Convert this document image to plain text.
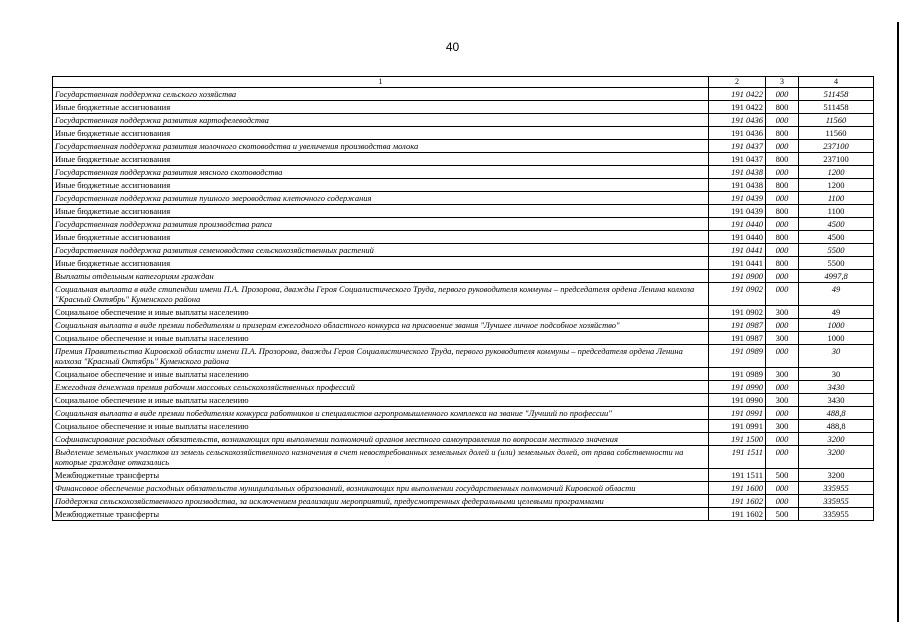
40
1	2	3	4
Государственная поддержка сельского хозяйства	191 0422	000	511458
Иные бюджетные ассигнования	191 0422	800	511458
Государственная поддержка развития картофелеводства	191 0436	000	11560
Иные бюджетные ассигнования	191 0436	800	11560
Государственная поддержка развития молочного скотоводства и увеличения производства молока	191 0437	000	237100
Иные бюджетные ассигнования	191 0437	800	237100
Государственная поддержка развития мясного скотоводства	191 0438	000	1200
Иные бюджетные ассигнования	191 0438	800	1200
Государственная поддержка развития пушного звероводства клеточного содержания	191 0439	000	1100
Иные бюджетные ассигнования	191 0439	800	1100
Государственная поддержка развития производства рапса	191 0440	000	4500
Иные бюджетные ассигнования	191 0440	800	4500
Государственная поддержка развития семеноводства сельскохозяйственных растений	191 0441	000	5500
Иные бюджетные ассигнования	191 0441	800	5500
Выплаты отдельным категориям граждан	191 0900	000	4997,8
Социальная выплата в виде стипендии имени П.А. Прозорова, дважды Героя Социалистического Труда, первого руководителя коммуны – председателя ордена Ленина колхоза "Красный Октябрь" Куменского района	191 0902	000	49
Социальное обеспечение и иные выплаты населению	191 0902	300	49
Социальная выплата в виде премии победителям и призерам ежегодного областного конкурса на присвоение звания "Лучшее личное подсобное хозяйство"	191 0987	000	1000
Социальное обеспечение и иные выплаты населению	191 0987	300	1000
Премия Правительства Кировской области имени П.А. Прозорова, дважды Героя Социалистического Труда, первого руководителя коммуны – председателя ордена Ленина колхоза "Красный Октябрь" Куменского района	191 0989	000	30
Социальное обеспечение и иные выплаты населению	191 0989	300	30
Ежегодная денежная премия рабочим массовых сельскохозяйственных профессий	191 0990	000	3430
Социальное обеспечение и иные выплаты населению	191 0990	300	3430
Социальная выплата в виде премии победителям конкурса работников и специалистов агропромышленного комплекса на звание "Лучший по профессии"	191 0991	000	488,8
Социальное обеспечение и иные выплаты населению	191 0991	300	488,8
Софинансирование расходных обязательств, возникающих при выполнении полномочий органов местного самоуправления по вопросам местного значения	191 1500	000	3200
Выделение земельных участков из земель сельскохозяйственного назначения в счет невостребованных земельных долей и (или) земельных долей, от права собственности на которые граждане отказались	191 1511	000	3200
Межбюджетные трансферты	191 1511	500	3200
Финансовое обеспечение расходных обязательств муниципальных образований, возникающих при выполнении государственных полномочий Кировской области	191 1600	000	335955
Поддержка сельскохозяйственного производства, за исключением реализации мероприятий, предусмотренных федеральными целевыми программами	191 1602	000	335955
Межбюджетные трансферты	191 1602	500	335955
